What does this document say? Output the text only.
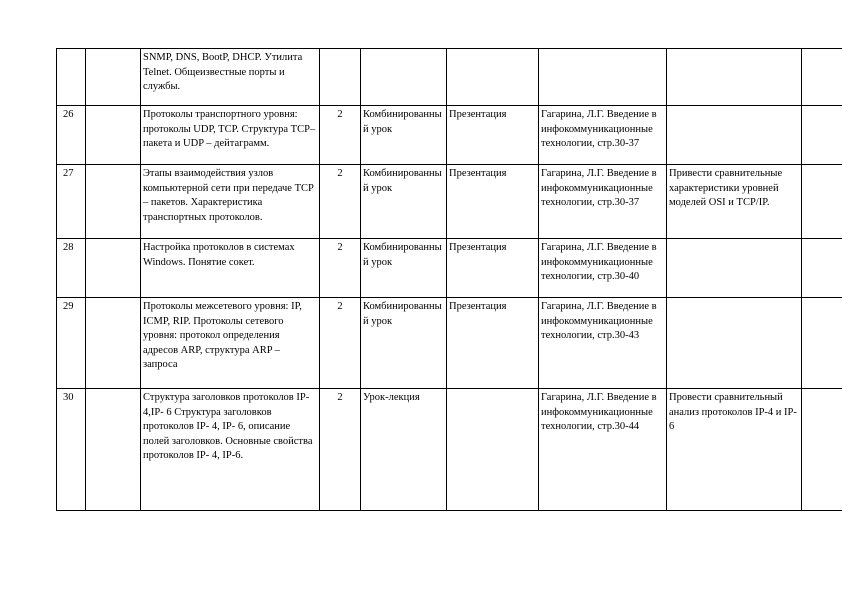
		SNMP, DNS, BootP, DHCP. Утилита Telnet. Общеизвестные порты и службы.						
26		Протоколы транспортного уровня: протоколы UDP, TCP. Структура TCP–пакета и UDP – дейтаграмм.	2	Комбинированный урок	Презентация	Гагарина, Л.Г. Введение в инфокоммуникационные технологии, стр.30-37		
27		Этапы взаимодействия узлов компьютерной сети при передаче TCP – пакетов. Характеристика транспортных протоколов.	2	Комбинированный урок	Презентация	Гагарина, Л.Г. Введение в инфокоммуникационные технологии, стр.30-37	Привести сравнительные характеристики уровней моделей OSI и TCP/IP.	
28		Настройка протоколов в системах Windows. Понятие сокет.	2	Комбинированный урок	Презентация	Гагарина, Л.Г. Введение в инфокоммуникационные технологии, стр.30-40		
29		Протоколы межсетевого уровня: IP, ICMP, RIP. Протоколы сетевого уровня: протокол определения адресов ARP, структура ARP – запроса	2	Комбинированный урок	Презентация	Гагарина, Л.Г. Введение в инфокоммуникационные технологии, стр.30-43		
30		Структура заголовков протоколов IP- 4,IP- 6 Структура заголовков протоколов IP- 4, IP- 6, описание полей заголовков. Основные свойства протоколов IP- 4, IP-6.	2	Урок-лекция		Гагарина, Л.Г. Введение в инфокоммуникационные технологии, стр.30-44	Провести сравнительный анализ протоколов IP-4 и IP-6	
